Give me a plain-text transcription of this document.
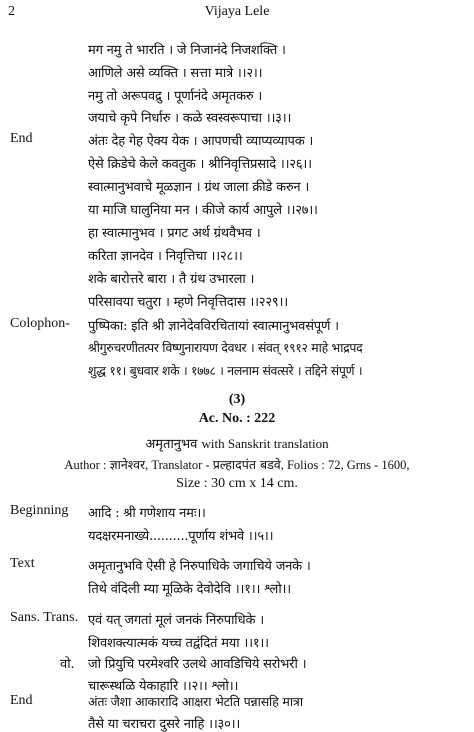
2	Vijaya Lele
मग नमु ते भारति । जे निजानंदे निजशक्ति ।
आणिले असे व्यक्ति । सत्ता मात्रे ।।२।।
नमु तो अरूपवद्रु । पूर्णानंदे अमृतकरु ।
जयाचे कृपे निर्धारु । कळे स्वस्वरूपाचा ।।३।।
End	अंतः देह गेह ऐक्य येक । आपणची व्याप्यव्यापक ।
ऐसे क्रिडेचे केले कवतुक । श्रीनिवृत्तिप्रसादे ।।२६।।
स्वात्मानुभवाचे मूळज्ञान । ग्रंथ जाला क्रीडे करुन ।
या माजि घालुनिया मन । कीजे कार्य आपुले ।।२७।।
हा स्वात्मानुभव । प्रगट अर्थ ग्रंथवैभव ।
करिता ज्ञानदेव । निवृत्तिचा ।।२८।।
शके बारोत्तरे बारा । तै ग्रंथ उभारला ।
परिसावया चतुरा । म्हणे निवृत्तिदास ।।२२९।।
Colophon- पुष्पिका: इति श्री ज्ञानेदेवविरचितायां स्वात्मानुभवसंपूर्ण ।
श्रीगुरुचरणीतत्पर विष्णुनारायण देवधर । संवत् १९१२ माहे भाद्रपद
शुद्ध ११। बुधवार शके । १७७८ । नलनाम संवत्सरे । तद्दिने संपूर्ण ।
(3)
Ac. No. : 222
अमृतानुभव with Sanskrit translation
Author : ज्ञानेश्वर, Translator - प्रल्हादपंत बडवे, Folios : 72, Grns - 1600,
Size : 30 cm x 14 cm.
Beginning आदि : श्री गणेशाय नमः।।
यदक्षरमनाख्ये..........पूर्णाय शंभवे ।।५।।
Text	अमृतानुभवि ऐसी हे निरुपाधिके जगाचिये जनके ।
तिथे वंदिली म्या मूळिके देवोदेवि ।।१।। श्लो।।
Sans. Trans. एवं यत् जगतां मूलं जनकं निरुपाधिके ।
शिवशक्त्यात्मकं यच्च तद्वंदितं मया ।।१।।
वो. जो प्रियुचि परमेश्वरि उलथे आवडिचिये सरोभरी ।
चारूस्थळि येकाहारि ।।२।। श्लो।।
End	अंतः जैशा आकारादि आक्षरा भेटति पन्नासहि मात्रा
तैसे या चराचरा दुसरे नाहि ।।३०।।
